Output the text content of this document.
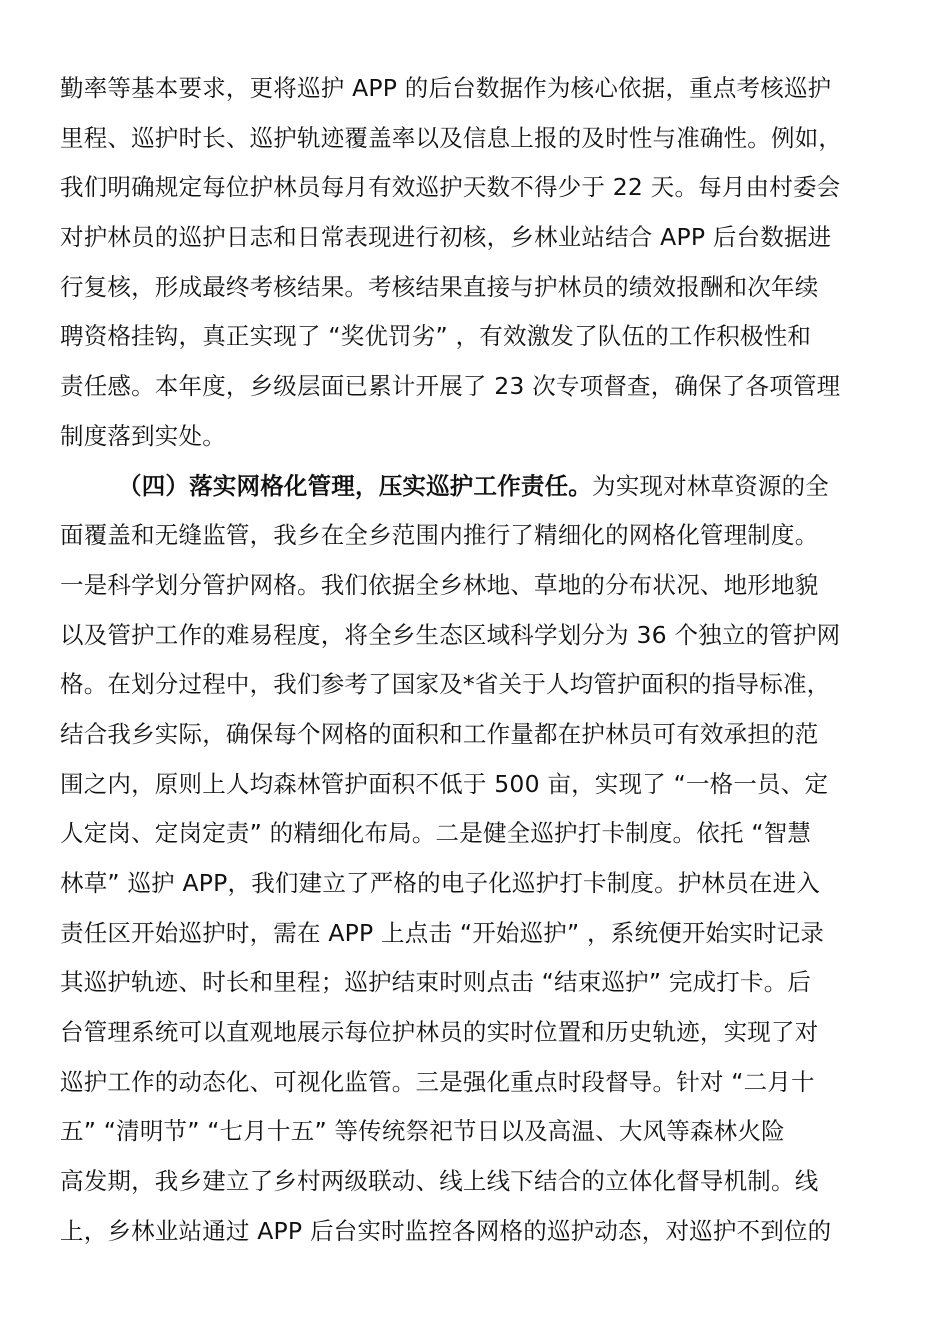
勤率等基本要求，更将巡护 APP 的后台数据作为核心依据，重点考核巡护
里程、巡护时长、巡护轨迹覆盖率以及信息上报的及时性与准确性。例如，
我们明确规定每位护林员每月有效巡护天数不得少于 22 天。每月由村委会
对护林员的巡护日志和日常表现进行初核，乡林业站结合 APP 后台数据进
行复核，形成最终考核结果。考核结果直接与护林员的绩效报酬和次年续
聘资格挂钩，真正实现了 “奖优罚劣” ，有效激发了队伍的工作积极性和
责任感。本年度，乡级层面已累计开展了 23 次专项督查，确保了各项管理
制度落到实处。
（四）落实网格化管理，压实巡护工作责任。为实现对林草资源的全
面覆盖和无缝监管，我乡在全乡范围内推行了精细化的网格化管理制度。
一是科学划分管护网格。我们依据全乡林地、草地的分布状况、地形地貌
以及管护工作的难易程度，将全乡生态区域科学划分为 36 个独立的管护网
格。在划分过程中，我们参考了国家及*省关于人均管护面积的指导标准，
结合我乡实际，确保每个网格的面积和工作量都在护林员可有效承担的范
围之内，原则上人均森林管护面积不低于 500 亩，实现了 “一格一员、定
人定岗、定岗定责” 的精细化布局。二是健全巡护打卡制度。依托 “智慧
林草” 巡护 APP，我们建立了严格的电子化巡护打卡制度。护林员在进入
责任区开始巡护时，需在 APP 上点击 “开始巡护” ，系统便开始实时记录
其巡护轨迹、时长和里程；巡护结束时则点击 “结束巡护” 完成打卡。后
台管理系统可以直观地展示每位护林员的实时位置和历史轨迹，实现了对
巡护工作的动态化、可视化监管。三是强化重点时段督导。针对 “二月十
五” “清明节” “七月十五” 等传统祭祀节日以及高温、大风等森林火险
高发期，我乡建立了乡村两级联动、线上线下结合的立体化督导机制。线
上，乡林业站通过 APP 后台实时监控各网格的巡护动态，对巡护不到位的
